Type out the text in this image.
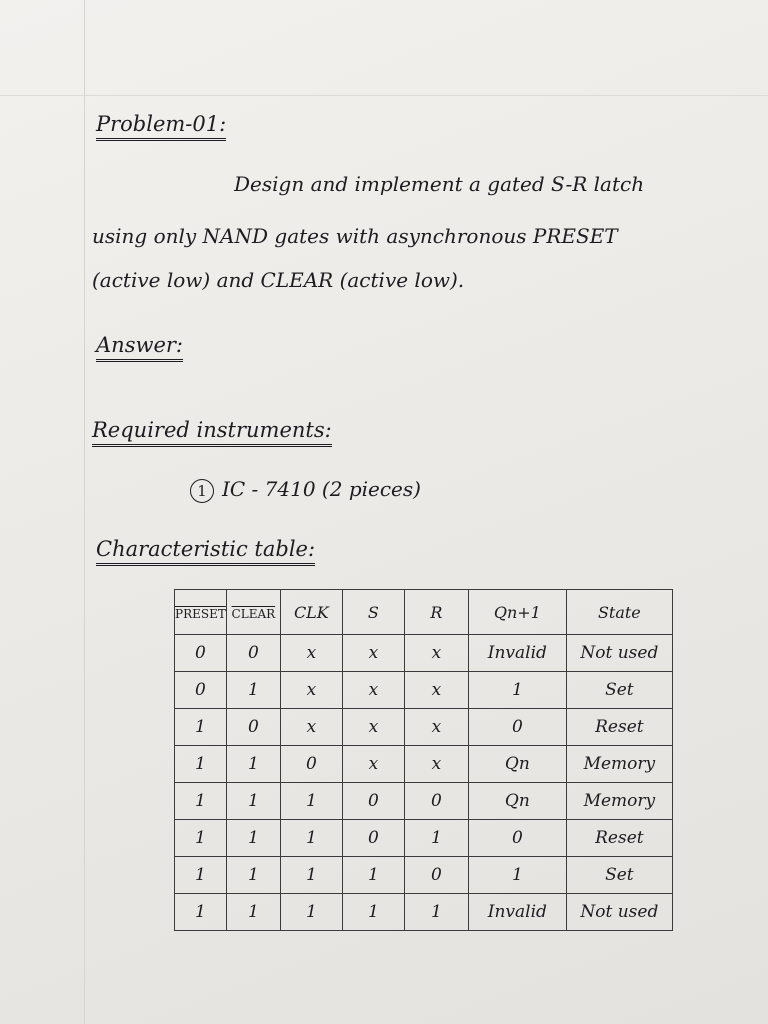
Problem-01:
Design and implement a gated S-R latch
using only NAND gates with asynchronous PRESET
(active low) and CLEAR (active low).
Answer:
Required instruments:
1 IC - 7410 (2 pieces)
Characteristic table:
PRESET	CLEAR	CLK	S	R	Qn+1	State
0	0	x	x	x	Invalid	Not used
0	1	x	x	x	1	Set
1	0	x	x	x	0	Reset
1	1	0	x	x	Qn	Memory
1	1	1	0	0	Qn	Memory
1	1	1	0	1	0	Reset
1	1	1	1	0	1	Set
1	1	1	1	1	Invalid	Not used
